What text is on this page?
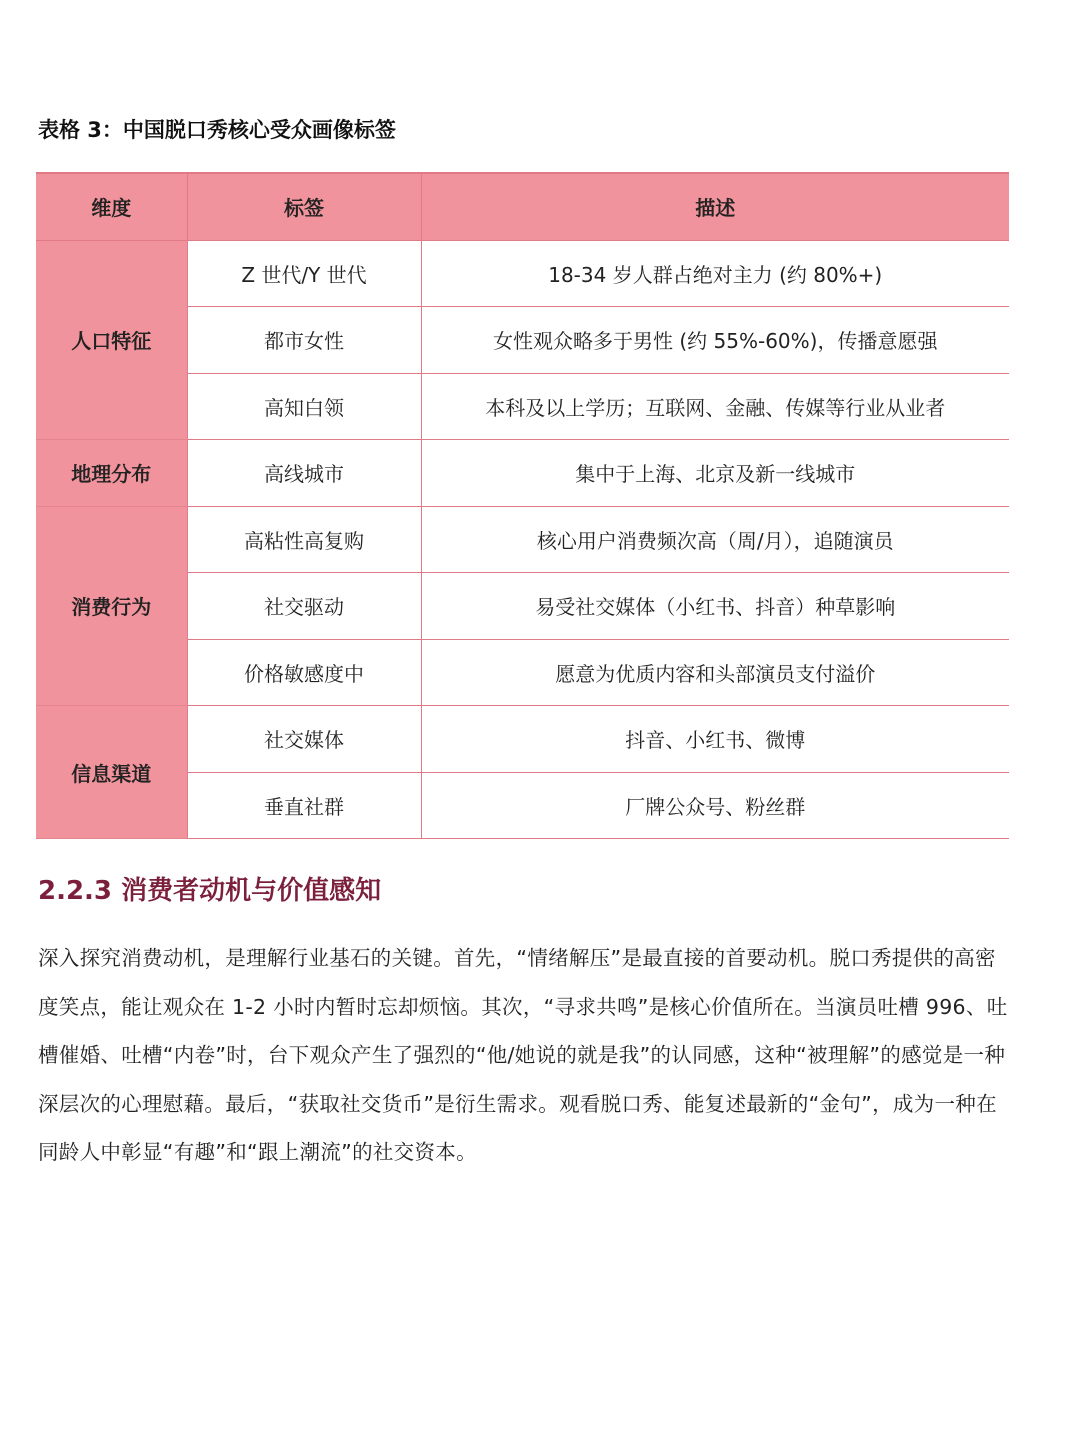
表格 3：中国脱口秀核心受众画像标签
维度	标签	描述
人口特征	Z 世代/Y 世代	18-34 岁人群占绝对主力 (约 80%+)
	都市女性	女性观众略多于男性 (约 55%-60%)，传播意愿强
	高知白领	本科及以上学历；互联网、金融、传媒等行业从业者
地理分布	高线城市	集中于上海、北京及新一线城市
消费行为	高粘性高复购	核心用户消费频次高（周/月），追随演员
	社交驱动	易受社交媒体（小红书、抖音）种草影响
	价格敏感度中	愿意为优质内容和头部演员支付溢价
信息渠道	社交媒体	抖音、小红书、微博
	垂直社群	厂牌公众号、粉丝群
2.2.3 消费者动机与价值感知

深入探究消费动机，是理解行业基石的关键。首先，“情绪解压”是最直接的首要动机。脱口秀提供的高密度笑点，能让观众在 1-2 小时内暂时忘却烦恼。其次，“寻求共鸣”是核心价值所在。当演员吐槽 996、吐槽催婚、吐槽“内卷”时，台下观众产生了强烈的“他/她说的就是我”的认同感，这种“被理解”的感觉是一种深层次的心理慰藉。最后，“获取社交货币”是衍生需求。观看脱口秀、能复述最新的“金句”，成为一种在同龄人中彰显“有趣”和“跟上潮流”的社交资本。
